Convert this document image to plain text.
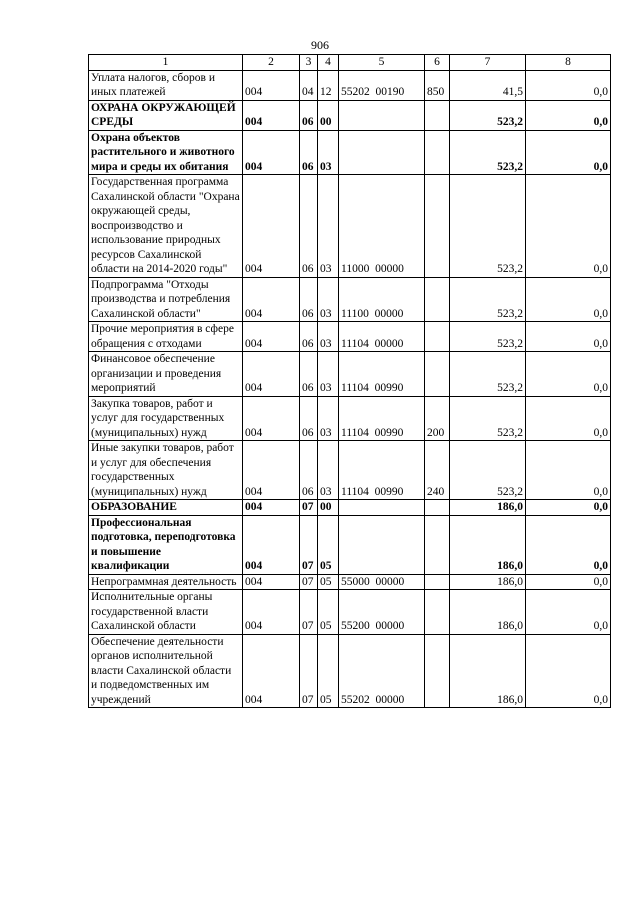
906
1	2	3	4	5	6	7	8
Уплата налогов, сборов и иных платежей	004	04	12	55202  00190	850	41,5	0,0
ОХРАНА ОКРУЖАЮЩЕЙ СРЕДЫ	004	06	00			523,2	0,0
Охрана объектов растительного и животного мира и среды их обитания	004	06	03			523,2	0,0
Государственная программа Сахалинской области "Охрана окружающей среды, воспроизводство и использование природных ресурсов Сахалинской области на 2014-2020 годы"	004	06	03	11000  00000		523,2	0,0
Подпрограмма "Отходы производства и потребления Сахалинской области"	004	06	03	11100  00000		523,2	0,0
Прочие мероприятия в сфере обращения с отходами	004	06	03	11104  00000		523,2	0,0
Финансовое обеспечение организации и проведения мероприятий	004	06	03	11104  00990		523,2	0,0
Закупка товаров, работ и услуг для государственных (муниципальных) нужд	004	06	03	11104  00990	200	523,2	0,0
Иные закупки товаров, работ и услуг для обеспечения государственных (муниципальных) нужд	004	06	03	11104  00990	240	523,2	0,0
ОБРАЗОВАНИЕ	004	07	00			186,0	0,0
Профессиональная подготовка, переподготовка и повышение квалификации	004	07	05			186,0	0,0
Непрограммная деятельность	004	07	05	55000  00000		186,0	0,0
Исполнительные органы государственной власти Сахалинской области	004	07	05	55200  00000		186,0	0,0
Обеспечение деятельности органов исполнительной власти Сахалинской области и подведомственных им учреждений	004	07	05	55202  00000		186,0	0,0
